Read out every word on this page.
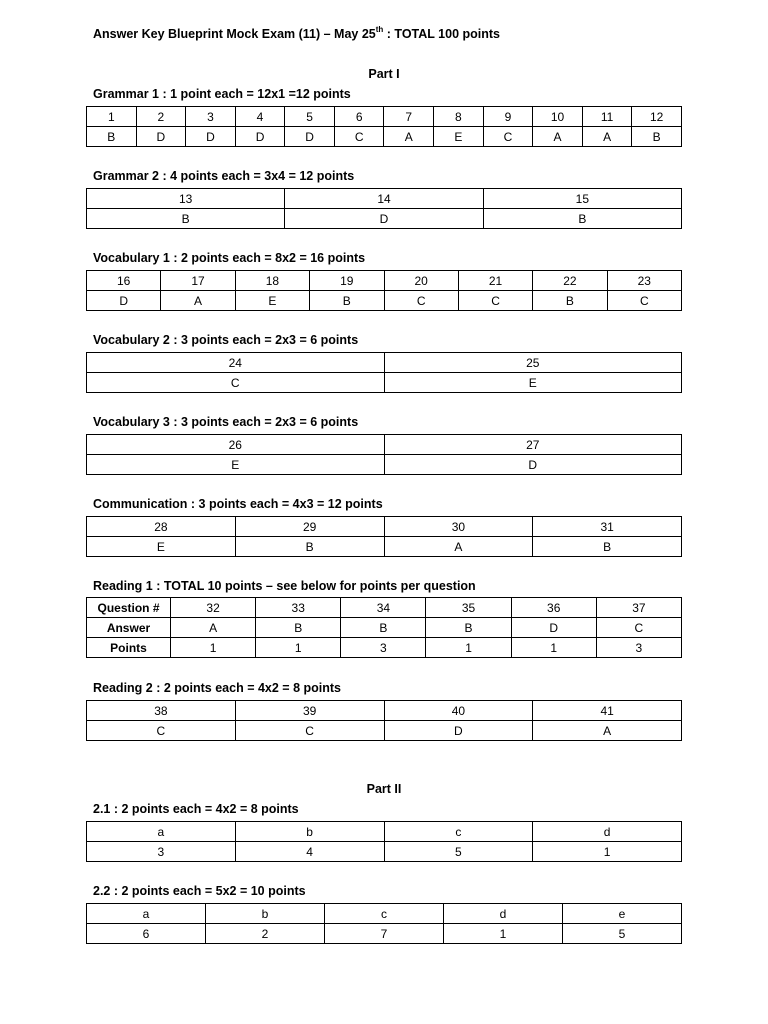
Answer Key Blueprint Mock Exam (11) – May 25th : TOTAL 100 points
Part I
Grammar 1 : 1 point each = 12x1 =12 points
1	2	3	4	5	6	7	8	9	10	11	12
B	D	D	D	D	C	A	E	C	A	A	B
Grammar 2 : 4 points each = 3x4 = 12 points
13	14	15
B	D	B
Vocabulary 1 : 2 points each = 8x2 = 16 points
16	17	18	19	20	21	22	23
D	A	E	B	C	C	B	C
Vocabulary 2 : 3 points each = 2x3 = 6 points
24	25
C	E
Vocabulary 3 : 3 points each = 2x3 = 6 points
26	27
E	D
Communication : 3 points each = 4x3 = 12 points
28	29	30	31
E	B	A	B
Reading 1 : TOTAL 10 points – see below for points per question
Question #	32	33	34	35	36	37
Answer	A	B	B	B	D	C
Points	1	1	3	1	1	3
Reading 2 : 2 points each = 4x2 = 8 points
38	39	40	41
C	C	D	A
Part II
2.1 : 2 points each = 4x2 = 8 points
a	b	c	d
3	4	5	1
2.2 : 2 points each = 5x2 = 10 points
a	b	c	d	e
6	2	7	1	5
